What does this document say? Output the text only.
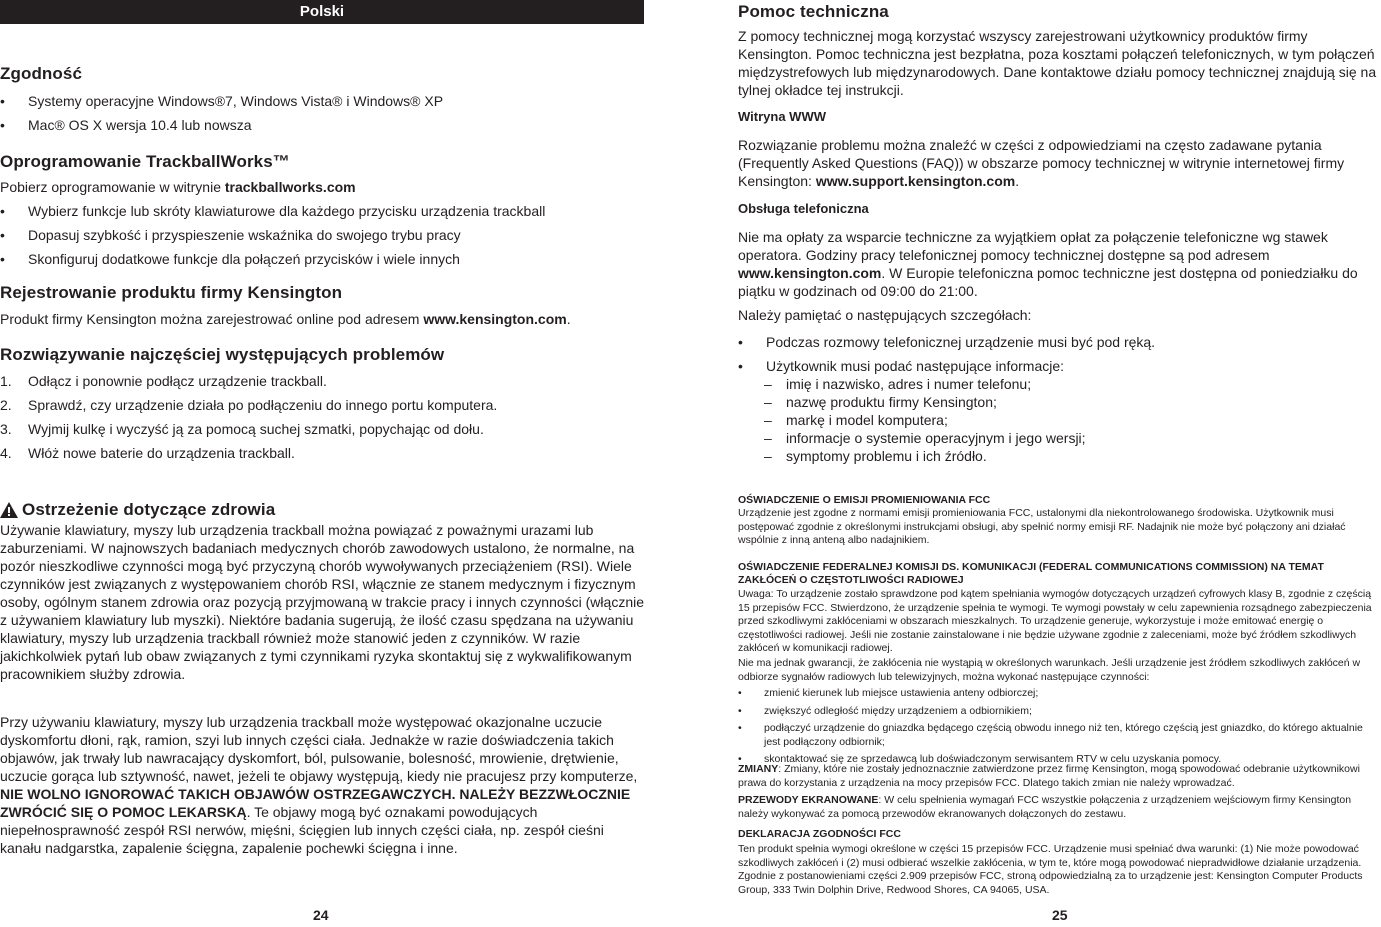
Polski
Zgodność
• Systemy operacyjne Windows®7, Windows Vista® i Windows® XP
• Mac® OS X wersja 10.4 lub nowsza
Oprogramowanie TrackballWorks™

Pobierz oprogramowanie w witrynie trackballworks.com

• Wybierz funkcje lub skróty klawiaturowe dla każdego przycisku urządzenia trackball
• Dopasuj szybkość i przyspieszenie wskaźnika do swojego trybu pracy
• Skonfiguruj dodatkowe funkcje dla połączeń przycisków i wiele innych
Rejestrowanie produktu firmy Kensington

Produkt firmy Kensington można zarejestrować online pod adresem www.kensington.com.

Rozwiązywanie najczęściej występujących problemów
1. Odłącz i ponownie podłącz urządzenie trackball.
2. Sprawdź, czy urządzenie działa po podłączeniu do innego portu komputera.
3. Wyjmij kulkę i wyczyść ją za pomocą suchej szmatki, popychając od dołu.
4. Włóż nowe baterie do urządzenia trackball.
Ostrzeżenie dotyczące zdrowia

Używanie klawiatury, myszy lub urządzenia trackball można powiązać z poważnymi urazami lub zaburzeniami. W najnowszych badaniach medycznych chorób zawodowych ustalono, że normalne, na pozór nieszkodliwe czynności mogą być przyczyną chorób wywoływanych przeciążeniem (RSI). Wiele czynników jest związanych z występowaniem chorób RSI, włącznie ze stanem medycznym i fizycznym osoby, ogólnym stanem zdrowia oraz pozycją przyjmowaną w trakcie pracy i innych czynności (włącznie z używaniem klawiatury lub myszki). Niektóre badania sugerują, że ilość czasu spędzana na używaniu klawiatury, myszy lub urządzenia trackball również może stanowić jeden z czynników. W razie jakichkolwiek pytań lub obaw związanych z tymi czynnikami ryzyka skontaktuj się z wykwalifikowanym pracownikiem służby zdrowia.

Przy używaniu klawiatury, myszy lub urządzenia trackball może występować okazjonalne uczucie dyskomfortu dłoni, rąk, ramion, szyi lub innych części ciała. Jednakże w razie doświadczenia takich objawów, jak trwały lub nawracający dyskomfort, ból, pulsowanie, bolesność, mrowienie, drętwienie, uczucie gorąca lub sztywność, nawet, jeżeli te objawy występują, kiedy nie pracujesz przy komputerze, NIE WOLNO IGNOROWAĆ TAKICH OBJAWÓW OSTRZEGAWCZYCH. NALEŻY BEZZWŁOCZNIE ZWRÓCIĆ SIĘ O POMOC LEKARSKĄ. Te objawy mogą być oznakami powodujących niepełnosprawność zespół RSI nerwów, mięśni, ścięgien lub innych części ciała, np. zespół cieśni kanału nadgarstka, zapalenie ścięgna, zapalenie pochewki ścięgna i inne.

24
Pomoc techniczna

Z pomocy technicznej mogą korzystać wszyscy zarejestrowani użytkownicy produktów firmy Kensington. Pomoc techniczna jest bezpłatna, poza kosztami połączeń telefonicznych, w tym połączeń międzystrefowych lub międzynarodowych. Dane kontaktowe działu pomocy technicznej znajdują się na tylnej okładce tej instrukcji.

Witryna WWW

Rozwiązanie problemu można znaleźć w części z odpowiedziami na często zadawane pytania (Frequently Asked Questions (FAQ)) w obszarze pomocy technicznej w witrynie internetowej firmy Kensington: www.support.kensington.com.

Obsługa telefoniczna

Nie ma opłaty za wsparcie techniczne za wyjątkiem opłat za połączenie telefoniczne wg stawek operatora. Godziny pracy telefonicznej pomocy technicznej dostępne są pod adresem www.kensington.com. W Europie telefoniczna pomoc techniczne jest dostępna od poniedziałku do piątku w godzinach od 09:00 do 21:00.

Należy pamiętać o następujących szczegółach:

• Podczas rozmowy telefonicznej urządzenie musi być pod ręką.
• Użytkownik musi podać następujące informacje:
– imię i nazwisko, adres i numer telefonu;
– nazwę produktu firmy Kensington;
– markę i model komputera;
– informacje o systemie operacyjnym i jego wersji;
– symptomy problemu i ich źródło.
OŚWIADCZENIE O EMISJI PROMIENIOWANIA FCC

Urządzenie jest zgodne z normami emisji promieniowania FCC, ustalonymi dla niekontrolowanego środowiska. Użytkownik musi postępować zgodnie z określonymi instrukcjami obsługi, aby spełnić normy emisji RF. Nadajnik nie może być połączony ani działać wspólnie z inną anteną albo nadajnikiem.

OŚWIADCZENIE FEDERALNEJ KOMISJI DS. KOMUNIKACJI (FEDERAL COMMUNICATIONS COMMISSION) NA TEMAT ZAKŁÓCEŃ O CZĘSTOTLIWOŚCI RADIOWEJ

Uwaga: To urządzenie zostało sprawdzone pod kątem spełniania wymogów dotyczących urządzeń cyfrowych klasy B, zgodnie z częścią 15 przepisów FCC. Stwierdzono, że urządzenie spełnia te wymogi. Te wymogi powstały w celu zapewnienia rozsądnego zabezpieczenia przed szkodliwymi zakłóceniami w obszarach mieszkalnych. To urządzenie generuje, wykorzystuje i może emitować energię o częstotliwości radiowej. Jeśli nie zostanie zainstalowane i nie będzie używane zgodnie z zaleceniami, może być źródłem szkodliwych zakłóceń w komunikacji radiowej.

Nie ma jednak gwarancji, że zakłócenia nie wystąpią w określonych warunkach. Jeśli urządzenie jest źródłem szkodliwych zakłóceń w odbiorze sygnałów radiowych lub telewizyjnych, można wykonać następujące czynności:

• zmienić kierunek lub miejsce ustawienia anteny odbiorczej;
• zwiększyć odległość między urządzeniem a odbiornikiem;
• podłączyć urządzenie do gniazdka będącego częścią obwodu innego niż ten, którego częścią jest gniazdko, do którego aktualnie jest podłączony odbiornik;
• skontaktować się ze sprzedawcą lub doświadczonym serwisantem RTV w celu uzyskania pomocy.

ZMIANY: Zmiany, które nie zostały jednoznacznie zatwierdzone przez firmę Kensington, mogą spowodować odebranie użytkownikowi prawa do korzystania z urządzenia na mocy przepisów FCC. Dlatego takich zmian nie należy wprowadzać.

PRZEWODY EKRANOWANE: W celu spełnienia wymagań FCC wszystkie połączenia z urządzeniem wejściowym firmy Kensington należy wykonywać za pomocą przewodów ekranowanych dołączonych do zestawu.

DEKLARACJA ZGODNOŚCI FCC

Ten produkt spełnia wymogi określone w części 15 przepisów FCC. Urządzenie musi spełniać dwa warunki: (1) Nie może powodować szkodliwych zakłóceń i (2) musi odbierać wszelkie zakłócenia, w tym te, które mogą powodować niepradwidłowe działanie urządzenia. Zgodnie z postanowieniami części 2.909 przepisów FCC, stroną odpowiedzialną za to urządzenie jest: Kensington Computer Products Group, 333 Twin Dolphin Drive, Redwood Shores, CA 94065, USA.

25
